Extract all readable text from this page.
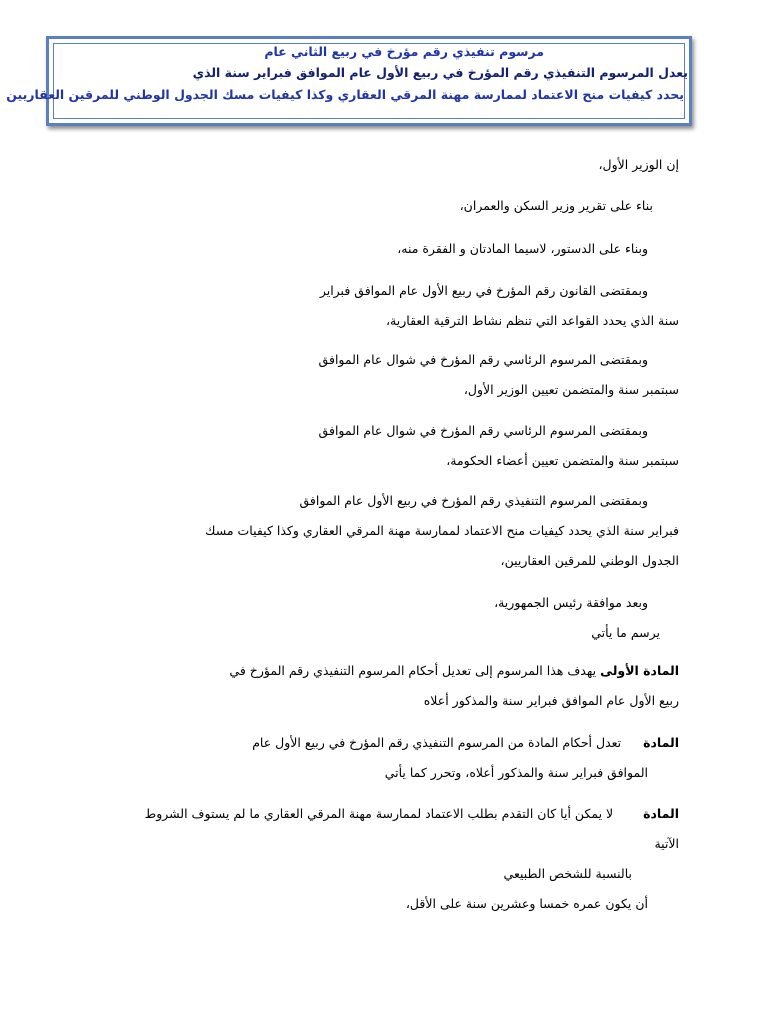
مرسوم تنفيذي رقم مؤرخ في ربيع الثاني عام
يعدل المرسوم التنفيذي رقم المؤرخ في ربيع الأول عام الموافق فبراير سنة الذي
يحدد كيفيات منح الاعتماد لممارسة مهنة المرقي العقاري وكذا كيفيات مسك الجدول الوطني للمرقين العقاريين
إن الوزير الأول،
بناء على تقرير وزير السكن والعمران،
وبناء على الدستور، لاسيما المادتان و الفقرة منه،
وبمقتضى القانون رقم المؤرخ في ربيع الأول عام الموافق فبراير
سنة الذي يحدد القواعد التي تنظم نشاط الترقية العقارية،
وبمقتضى المرسوم الرئاسي رقم المؤرخ في شوال عام الموافق
سبتمبر سنة والمتضمن تعيين الوزير الأول،
وبمقتضى المرسوم الرئاسي رقم المؤرخ في شوال عام الموافق
سبتمبر سنة والمتضمن تعيين أعضاء الحكومة،
وبمقتضى المرسوم التنفيذي رقم المؤرخ في ربيع الأول عام الموافق
فبراير سنة الذي يحدد كيفيات منح الاعتماد لممارسة مهنة المرقي العقاري وكذا كيفيات مسك
الجدول الوطني للمرقين العقاريين،
وبعد موافقة رئيس الجمهورية،
يرسم ما يأتي
المادة الأولى يهدف هذا المرسوم إلى تعديل أحكام المرسوم التنفيذي رقم المؤرخ في
ربيع الأول عام الموافق فبراير سنة والمذكور أعلاه
المادة تعدل أحكام المادة من المرسوم التنفيذي رقم المؤرخ في ربيع الأول عام
الموافق فبراير سنة والمذكور أعلاه، وتحرر كما يأتي
المادة لا يمكن أيا كان التقدم بطلب الاعتماد لممارسة مهنة المرقي العقاري ما لم يستوف الشروط
الآتية
بالنسبة للشخص الطبيعي
أن يكون عمره خمسا وعشرين سنة على الأقل،
